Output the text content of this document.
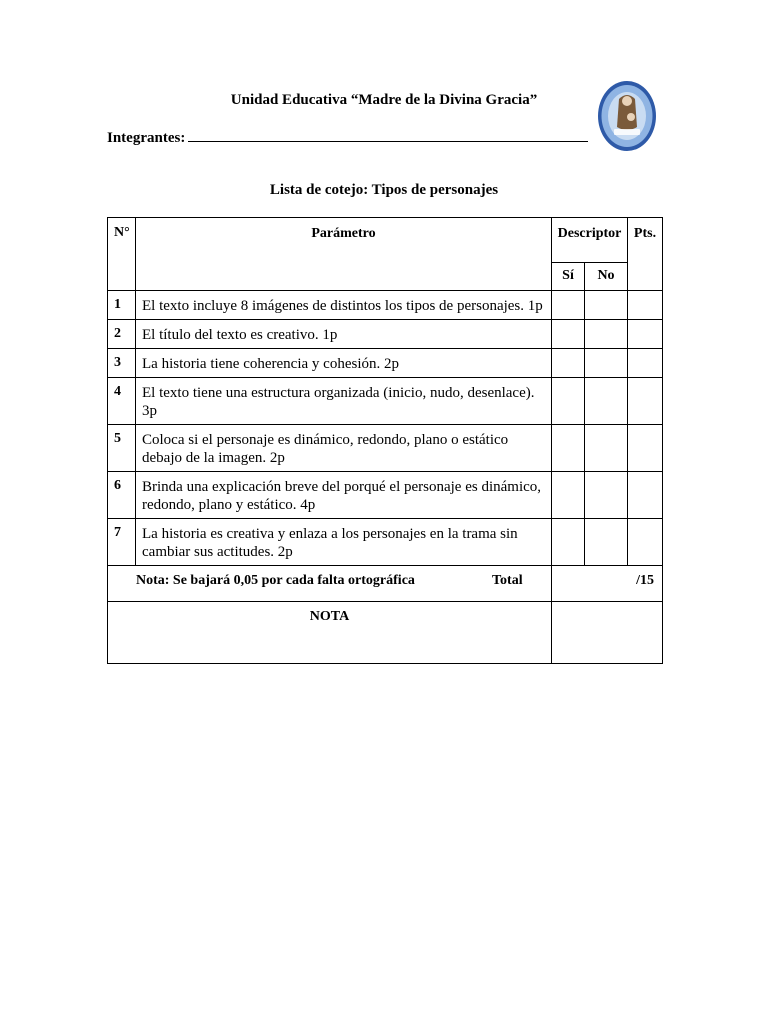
Unidad Educativa “Madre de la Divina Gracia”
Integrantes:
Lista de cotejo: Tipos de personajes
N°	Parámetro	Descriptor		Pts.
		Sí	No	
1	El texto incluye 8 imágenes de distintos los tipos de personajes. 1p			
2	El título del texto es creativo. 1p			
3	La historia tiene coherencia y cohesión. 2p			
4	El texto tiene una estructura organizada (inicio, nudo, desenlace). 3p			
5	Coloca si el personaje es dinámico, redondo, plano o estático debajo de la imagen. 2p			
6	Brinda una explicación breve del porqué el personaje es dinámico, redondo, plano y estático. 4p			
7	La historia es creativa y enlaza a los personajes en la trama sin cambiar sus actitudes. 2p			
Nota: Se bajará 0,05 por cada falta ortográfica Total		/15		
NOTA				
